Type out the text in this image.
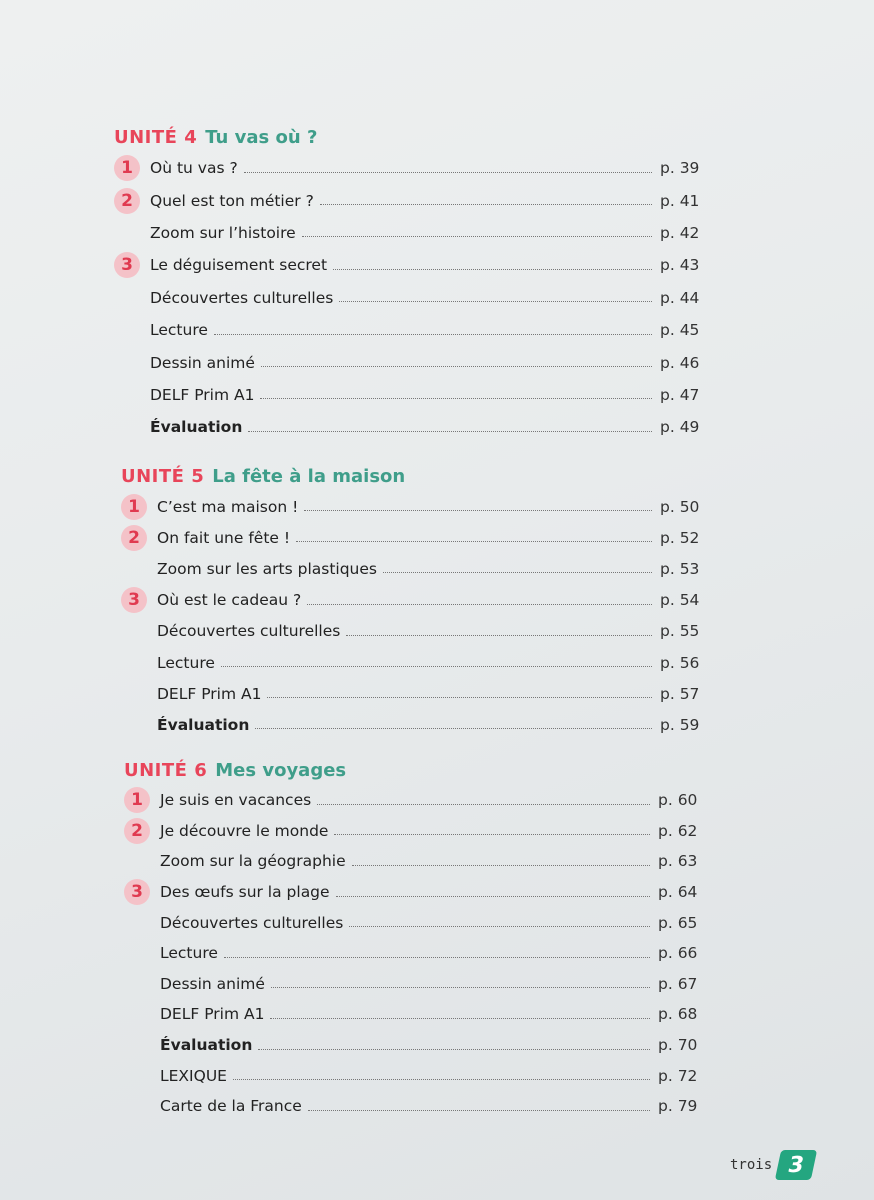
UNITÉ 4 Tu vas où ?
1	Où tu vas ?	p. 39
2	Quel est ton métier ?	p. 41
Zoom sur l’histoire	p. 42
3	Le déguisement secret	p. 43
Découvertes culturelles	p. 44
Lecture	p. 45
Dessin animé	p. 46
DELF Prim A1	p. 47
Évaluation	p. 49
UNITÉ 5 La fête à la maison
1	C’est ma maison !	p. 50
2	On fait une fête !	p. 52
Zoom sur les arts plastiques	p. 53
3	Où est le cadeau ?	p. 54
Découvertes culturelles	p. 55
Lecture	p. 56
DELF Prim A1	p. 57
Évaluation	p. 59
UNITÉ 6 Mes voyages
1	Je suis en vacances	p. 60
2	Je découvre le monde	p. 62
Zoom sur la géographie	p. 63
3	Des œufs sur la plage	p. 64
Découvertes culturelles	p. 65
Lecture	p. 66
Dessin animé	p. 67
DELF Prim A1	p. 68
Évaluation	p. 70
LEXIQUE	p. 72
Carte de la France	p. 79
trois 3
